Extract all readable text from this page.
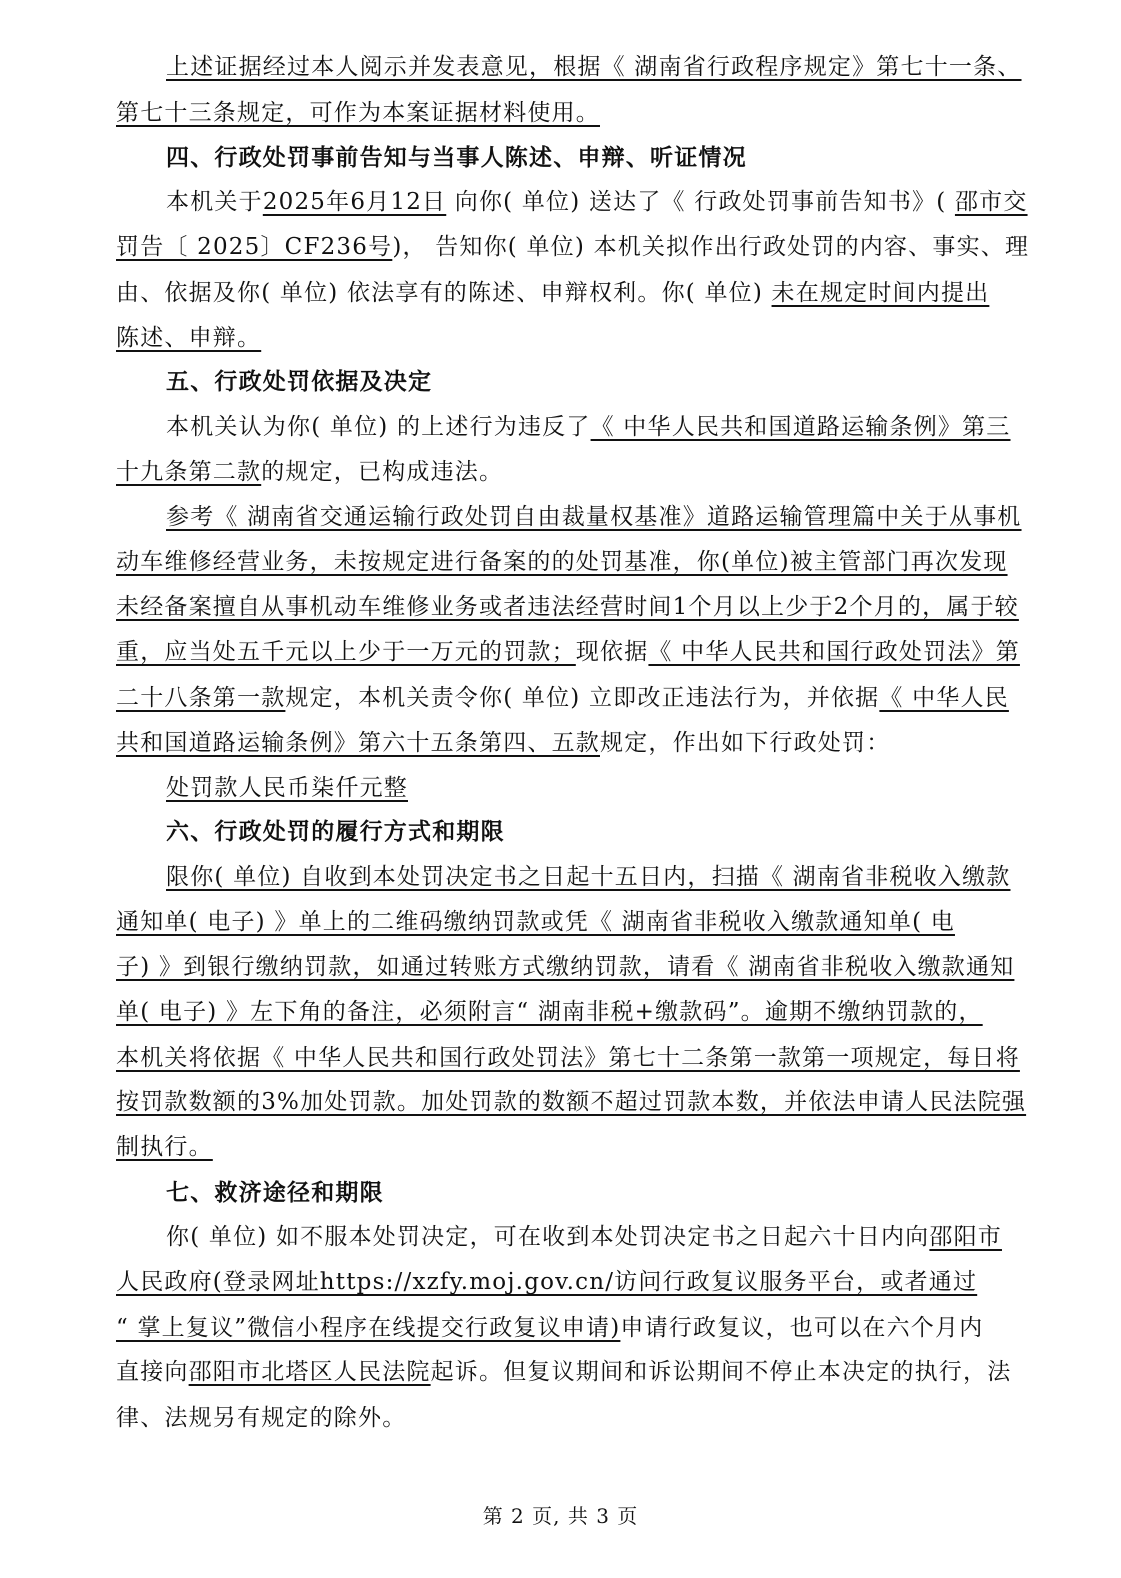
上述证据经过本人阅示并发表意见，根据《 湖南省行政程序规定》第七十一条、
第七十三条规定，可作为本案证据材料使用。
四、行政处罚事前告知与当事人陈述、申辩、听证情况
本机关于2025年6月12日 向你( 单位) 送达了《 行政处罚事前告知书》( 邵市交
罚告〔 2025〕CF236号)， 告知你( 单位) 本机关拟作出行政处罚的内容、事实、理
由、依据及你( 单位) 依法享有的陈述、申辩权利。你( 单位) 未在规定时间内提出
陈述、申辩。
五、行政处罚依据及决定
本机关认为你( 单位) 的上述行为违反了《 中华人民共和国道路运输条例》第三
十九条第二款的规定，已构成违法。
参考《 湖南省交通运输行政处罚自由裁量权基准》道路运输管理篇中关于从事机
动车维修经营业务，未按规定进行备案的的处罚基准，你(单位)被主管部门再次发现
未经备案擅自从事机动车维修业务或者违法经营时间1个月以上少于2个月的，属于较
重，应当处五千元以上少于一万元的罚款；现依据《 中华人民共和国行政处罚法》第
二十八条第一款规定，本机关责令你( 单位) 立即改正违法行为，并依据《 中华人民
共和国道路运输条例》第六十五条第四、五款规定，作出如下行政处罚：
处罚款人民币柒仟元整
六、行政处罚的履行方式和期限
限你( 单位) 自收到本处罚决定书之日起十五日内，扫描《 湖南省非税收入缴款
通知单( 电子) 》单上的二维码缴纳罚款或凭《 湖南省非税收入缴款通知单( 电
子) 》到银行缴纳罚款，如通过转账方式缴纳罚款，请看《 湖南省非税收入缴款通知
单( 电子) 》左下角的备注，必须附言“ 湖南非税+缴款码”。逾期不缴纳罚款的，
本机关将依据《 中华人民共和国行政处罚法》第七十二条第一款第一项规定，每日将
按罚款数额的3%加处罚款。加处罚款的数额不超过罚款本数，并依法申请人民法院强
制执行。
七、救济途径和期限
你( 单位) 如不服本处罚决定，可在收到本处罚决定书之日起六十日内向邵阳市
人民政府(登录网址https://xzfy.moj.gov.cn/访问行政复议服务平台，或者通过
“ 掌上复议”微信小程序在线提交行政复议申请)申请行政复议，也可以在六个月内
直接向邵阳市北塔区人民法院起诉。但复议期间和诉讼期间不停止本决定的执行，法
律、法规另有规定的除外。
第 2 页, 共 3 页
